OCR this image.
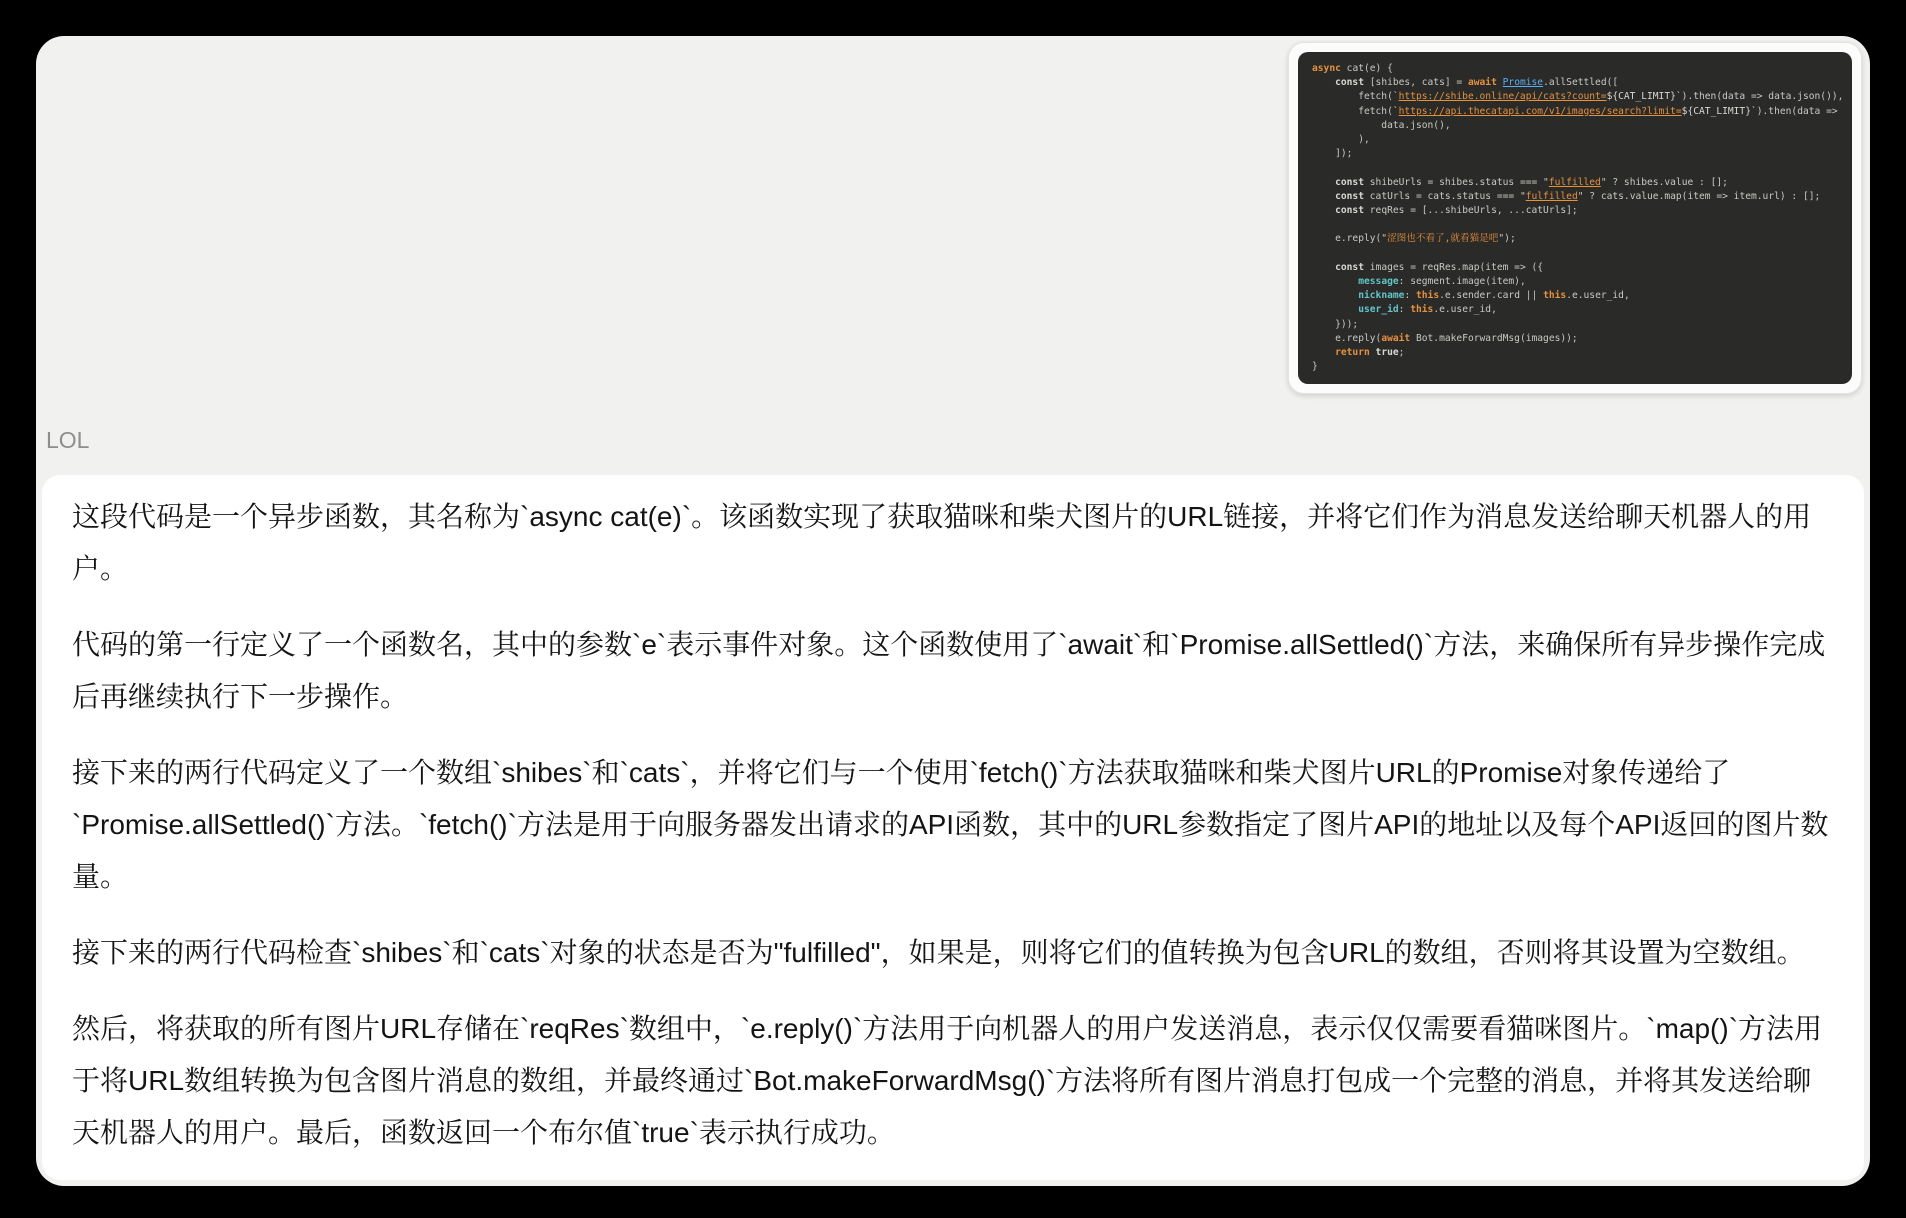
async cat(e) {
const [shibes, cats] = await Promise.allSettled([
fetch(`https://shibe.online/api/cats?count=${CAT_LIMIT}`).then(data => data.json()),
fetch(`https://api.thecatapi.com/v1/images/search?limit=${CAT_LIMIT}`).then(data =>
data.json(),
),
]);

const shibeUrls = shibes.status === "fulfilled" ? shibes.value : [];
const catUrls = cats.status === "fulfilled" ? cats.value.map(item => item.url) : [];
const reqRes = [...shibeUrls, ...catUrls];

e.reply("涩图也不看了,就看猫是吧");

const images = reqRes.map(item => ({
message: segment.image(item),
nickname: this.e.sender.card || this.e.user_id,
user_id: this.e.user_id,
}));
e.reply(await Bot.makeForwardMsg(images));
return true;
}
LOL

这段代码是一个异步函数，其名称为`async cat(e)`。该函数实现了获取猫咪和柴犬图片的URL链接，并将它们作为消息发送给聊天机器人的用户。

代码的第一行定义了一个函数名，其中的参数`e`表示事件对象。这个函数使用了`await`和`Promise.allSettled()`方法，来确保所有异步操作完成后再继续执行下一步操作。

接下来的两行代码定义了一个数组`shibes`和`cats`，并将它们与一个使用`fetch()`方法获取猫咪和柴犬图片URL的Promise对象传递给了`Promise.allSettled()`方法。`fetch()`方法是用于向服务器发出请求的API函数，其中的URL参数指定了图片API的地址以及每个API返回的图片数量。

接下来的两行代码检查`shibes`和`cats`对象的状态是否为"fulfilled"，如果是，则将它们的值转换为包含URL的数组，否则将其设置为空数组。

然后，将获取的所有图片URL存储在`reqRes`数组中，`e.reply()`方法用于向机器人的用户发送消息，表示仅仅需要看猫咪图片。`map()`方法用于将URL数组转换为包含图片消息的数组，并最终通过`Bot.makeForwardMsg()`方法将所有图片消息打包成一个完整的消息，并将其发送给聊天机器人的用户。最后，函数返回一个布尔值`true`表示执行成功。
